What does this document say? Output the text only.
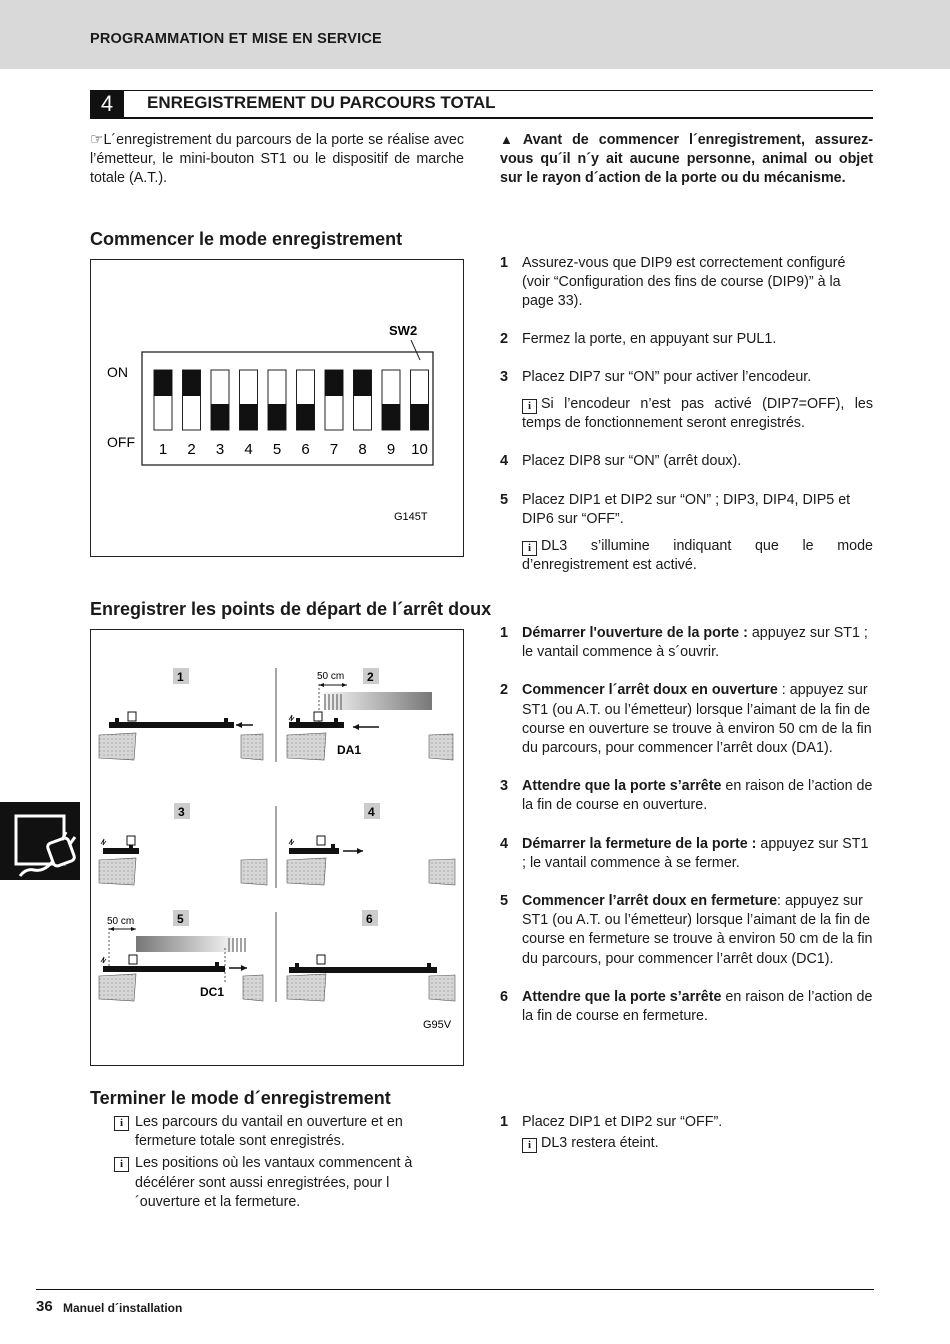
PROGRAMMATION ET MISE EN SERVICE
4	ENREGISTREMENT DU PARCOURS TOTAL
☞L´enregistrement du parcours de la porte se réalise avec l’émetteur, le mini-bouton ST1 ou le dispositif de marche totale (A.T.).
▲ Avant de commencer l´enregistrement, assurez-vous qu´il n´y ait aucune personne, animal ou objet sur le rayon d´action de la porte ou du mécanisme.
Commencer le mode enregistrement
SW2
ON
OFF 1 2 3 4 5 6 7 8 9 10
G145T
1 Assurez-vous que DIP9 est correctement configuré (voir “Configuration des fins de course (DIP9)” à la page 33).
2 Fermez la porte, en appuyant sur PUL1.
3 Placez DIP7 sur “ON” pour activer l’encodeur.
i Si l’encodeur n’est pas activé (DIP7=OFF), les temps de fonctionnement seront enregistrés.
4 Placez DIP8 sur “ON” (arrêt doux).
5 Placez DIP1 et DIP2 sur “ON” ; DIP3, DIP4, DIP5 et DIP6 sur “OFF”.
i DL3 s’illumine indiquant que le mode d’enregistrement est activé.
Enregistrer les points de départ de l´arrêt doux
1	2
3	4
5	6
50 cm
DA1
50 cm
DC1
G95V
1 Démarrer l'ouverture de la porte : appuyez sur ST1 ; le vantail commence à s´ouvrir.
2 Commencer l´arrêt doux en ouverture : appuyez sur ST1 (ou A.T. ou l’émetteur) lorsque l’aimant de la fin de course en ouverture se trouve à environ 50 cm de la fin du parcours, pour commencer l’arrêt doux (DA1).
3 Attendre que la porte s’arrête en raison de l’action de la fin de course en ouverture.
4 Démarrer la fermeture de la porte : appuyez sur ST1 ; le vantail commence à se fermer.
5 Commencer l’arrêt doux en fermeture: appuyez sur ST1 (ou A.T. ou l’émetteur) lorsque l’aimant de la fin de course en fermeture se trouve à environ 50 cm de la fin du parcours, pour commencer l’arrêt doux (DC1).
6 Attendre que la porte s’arrête en raison de l’action de la fin de course en fermeture.
Terminer le mode d´enregistrement
i Les parcours du vantail en ouverture et en fermeture totale sont enregistrés.
i Les positions où les vantaux commencent à décélérer sont aussi enregistrées, pour l´ouverture et la fermeture.
1 Placez DIP1 et DIP2 sur “OFF”.
i DL3 restera éteint.
36 Manuel d´installation
